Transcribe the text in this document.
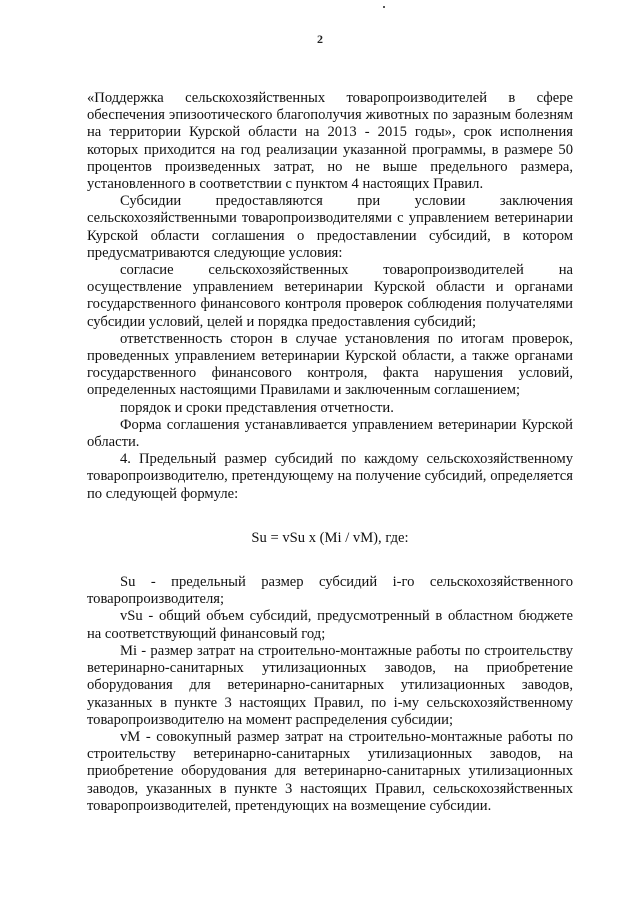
2

«Поддержка сельскохозяйственных товаропроизводителей в сфере обеспечения эпизоотического благополучия животных по заразным болезням на территории Курской области на 2013 - 2015 годы», срок исполнения которых приходится на год реализации указанной программы, в размере 50 процентов произведенных затрат, но не выше предельного размера, установленного в соответствии с пунктом 4 настоящих Правил.

Субсидии предоставляются при условии заключения сельскохозяйственными товаропроизводителями с управлением ветеринарии Курской области соглашения о предоставлении субсидий, в котором предусматриваются следующие условия:

согласие сельскохозяйственных товаропроизводителей на осуществление управлением ветеринарии Курской области и органами государственного финансового контроля проверок соблюдения получателями субсидии условий, целей и порядка предоставления субсидий;

ответственность сторон в случае установления по итогам проверок, проведенных управлением ветеринарии Курской области, а также органами государственного финансового контроля, факта нарушения условий, определенных настоящими Правилами и заключенным соглашением;

порядок и сроки представления отчетности.

Форма соглашения устанавливается управлением ветеринарии Курской области.

4. Предельный размер субсидий по каждому сельскохозяйственному товаропроизводителю, претендующему на получение субсидий, определяется по следующей формуле:

Su = vSu x (Mi / vM), где:

Su - предельный размер субсидий i-го сельскохозяйственного товаропроизводителя;

vSu - общий объем субсидий, предусмотренный в областном бюджете на соответствующий финансовый год;

Mi - размер затрат на строительно-монтажные работы по строительству ветеринарно-санитарных утилизационных заводов, на приобретение оборудования для ветеринарно-санитарных утилизационных заводов, указанных в пункте 3 настоящих Правил, по i-му сельскохозяйственному товаропроизводителю на момент распределения субсидии;

vM - совокупный размер затрат на строительно-монтажные работы по строительству ветеринарно-санитарных утилизационных заводов, на приобретение оборудования для ветеринарно-санитарных утилизационных заводов, указанных в пункте 3 настоящих Правил, сельскохозяйственных товаропроизводителей, претендующих на возмещение субсидии.
